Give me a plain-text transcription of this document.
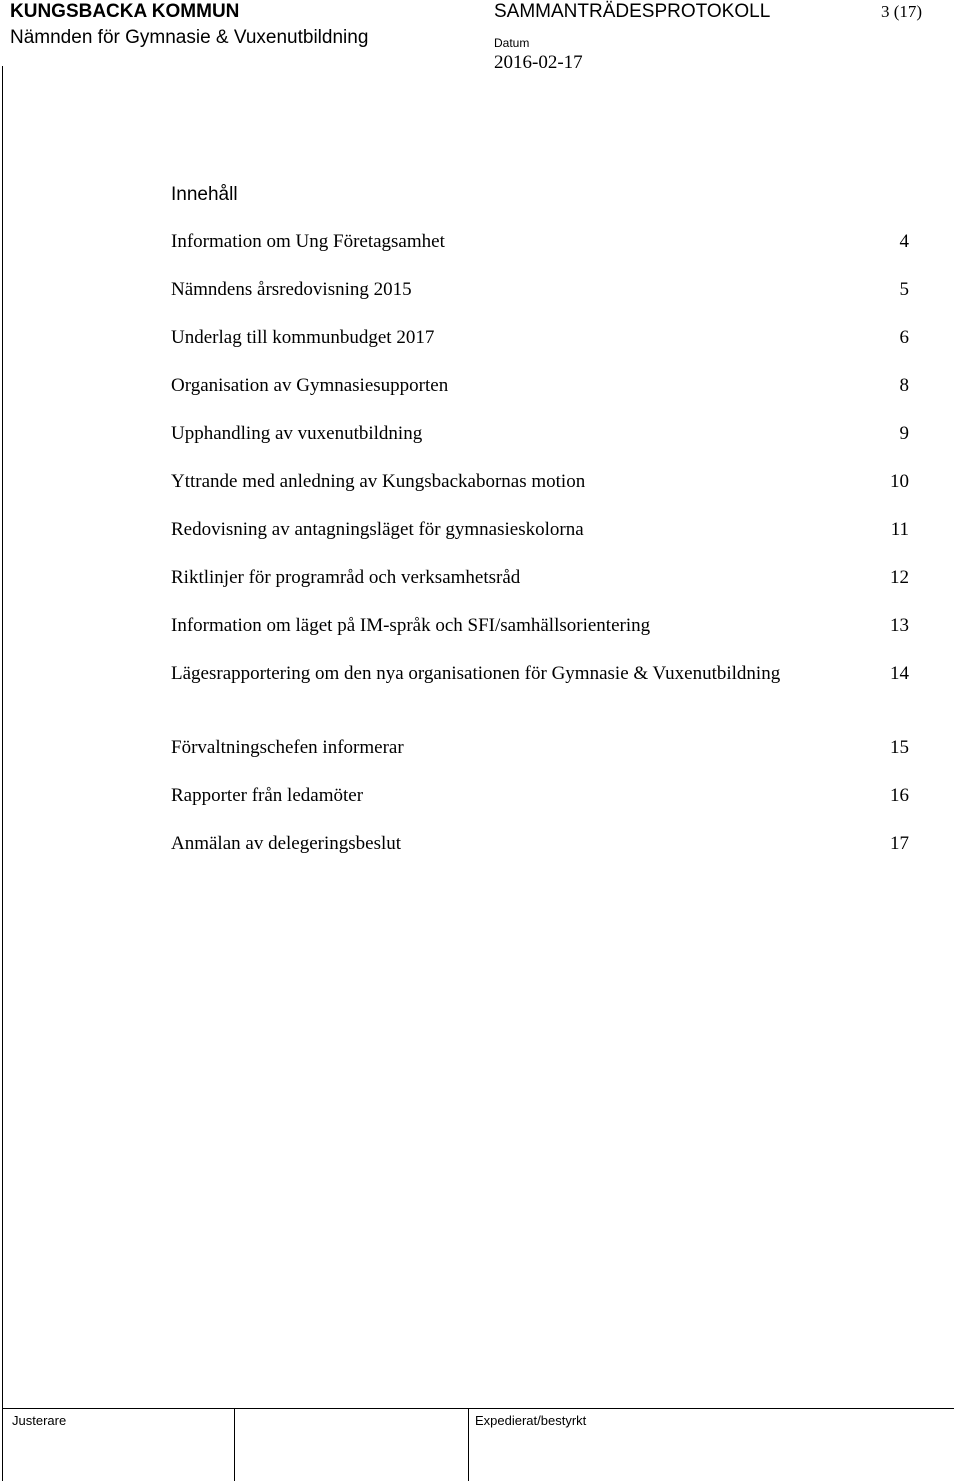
KUNGSBACKA KOMMUN
Nämnden för Gymnasie & Vuxenutbildning
SAMMANTRÄDESPROTOKOLL	3 (17)
Datum
2016-02-17
Innehåll
Information om Ung Företagsamhet	4
Nämndens årsredovisning 2015	5
Underlag till kommunbudget 2017	6
Organisation av Gymnasiesupporten	8
Upphandling av vuxenutbildning	9
Yttrande med anledning av Kungsbackabornas motion	10
Redovisning av antagningsläget för gymnasieskolorna	11
Riktlinjer för programråd och verksamhetsråd	12
Information om läget på IM-språk och SFI/samhällsorientering	13
Lägesrapportering om den nya organisationen för Gymnasie & Vuxenutbildning	14
Förvaltningschefen informerar	15
Rapporter från ledamöter	16
Anmälan av delegeringsbeslut	17
Justerare	Expedierat/bestyrkt
